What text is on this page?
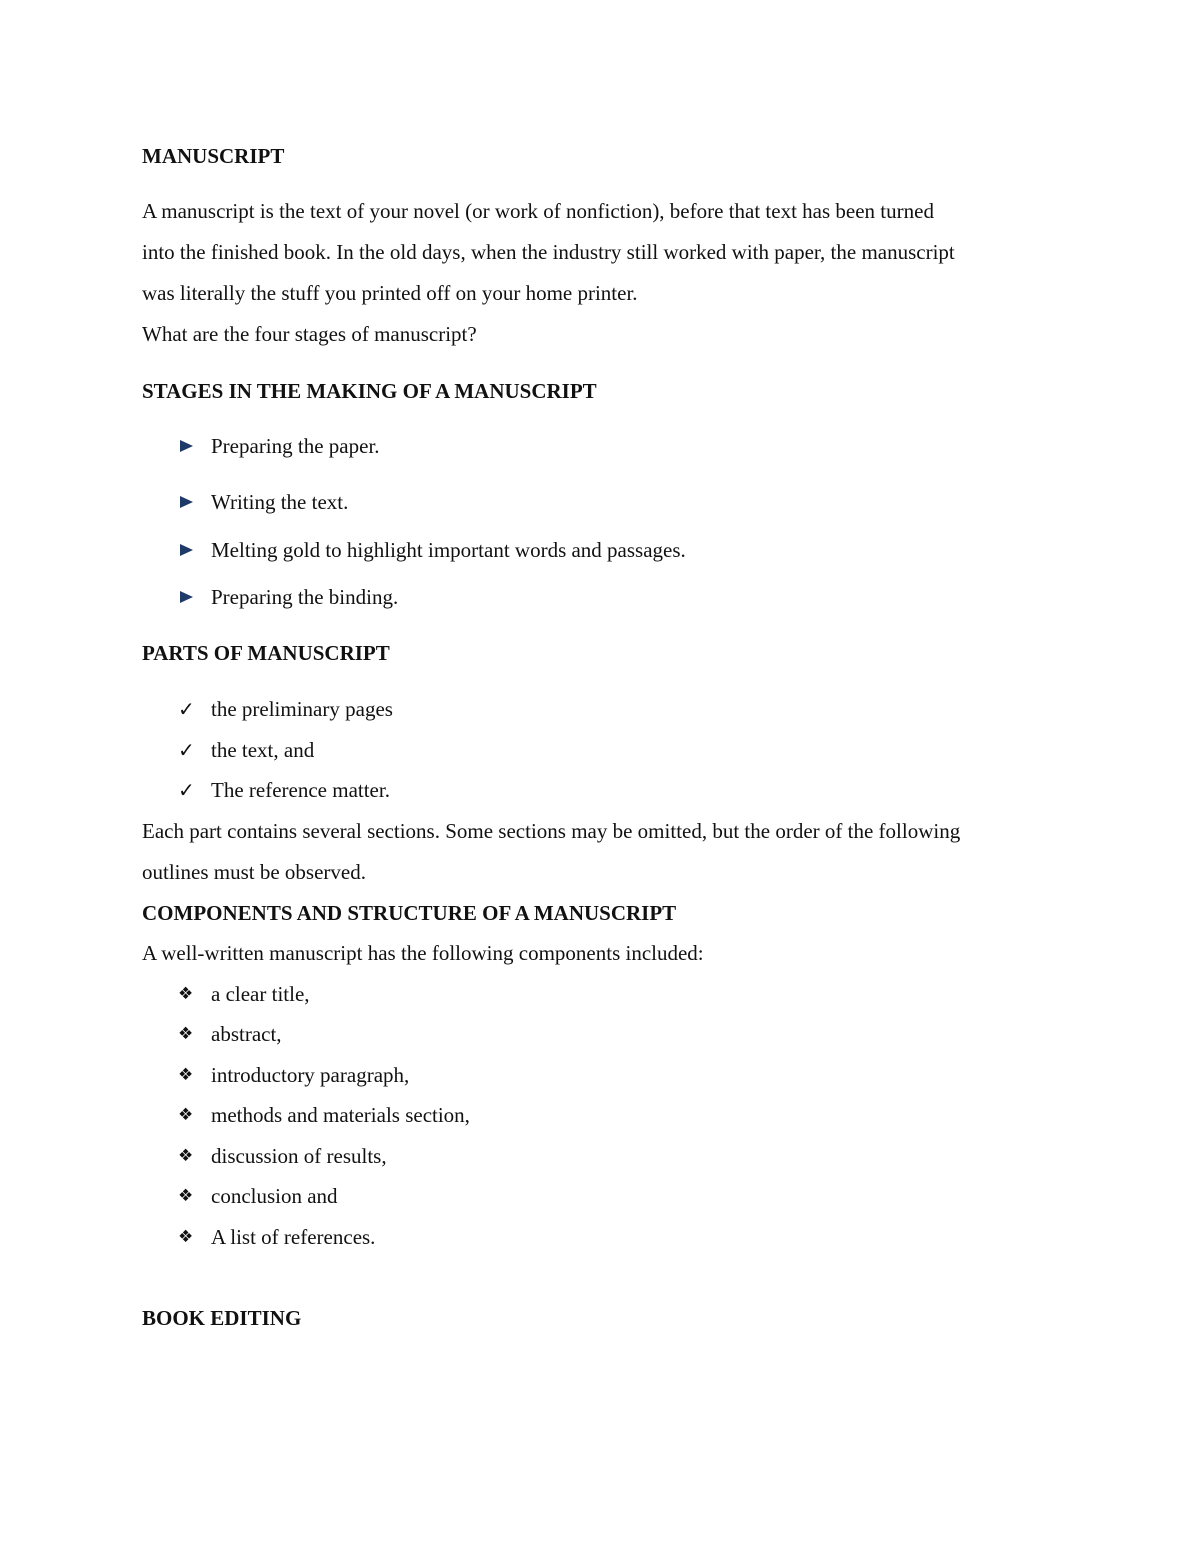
MANUSCRIPT
A manuscript is the text of your novel (or work of nonfiction), before that text has been turned
into the finished book. In the old days, when the industry still worked with paper, the manuscript
was literally the stuff you printed off on your home printer.
What are the four stages of manuscript?
STAGES IN THE MAKING OF A MANUSCRIPT
Preparing the paper.
Writing the text.
Melting gold to highlight important words and passages.
Preparing the binding.
PARTS OF MANUSCRIPT
✓ the preliminary pages
✓ the text, and
✓ The reference matter.
Each part contains several sections. Some sections may be omitted, but the order of the following
outlines must be observed.
COMPONENTS AND STRUCTURE OF A MANUSCRIPT
A well-written manuscript has the following components included:
❖ a clear title,
❖ abstract,
❖ introductory paragraph,
❖ methods and materials section,
❖ discussion of results,
❖ conclusion and
❖ A list of references.
BOOK EDITING
